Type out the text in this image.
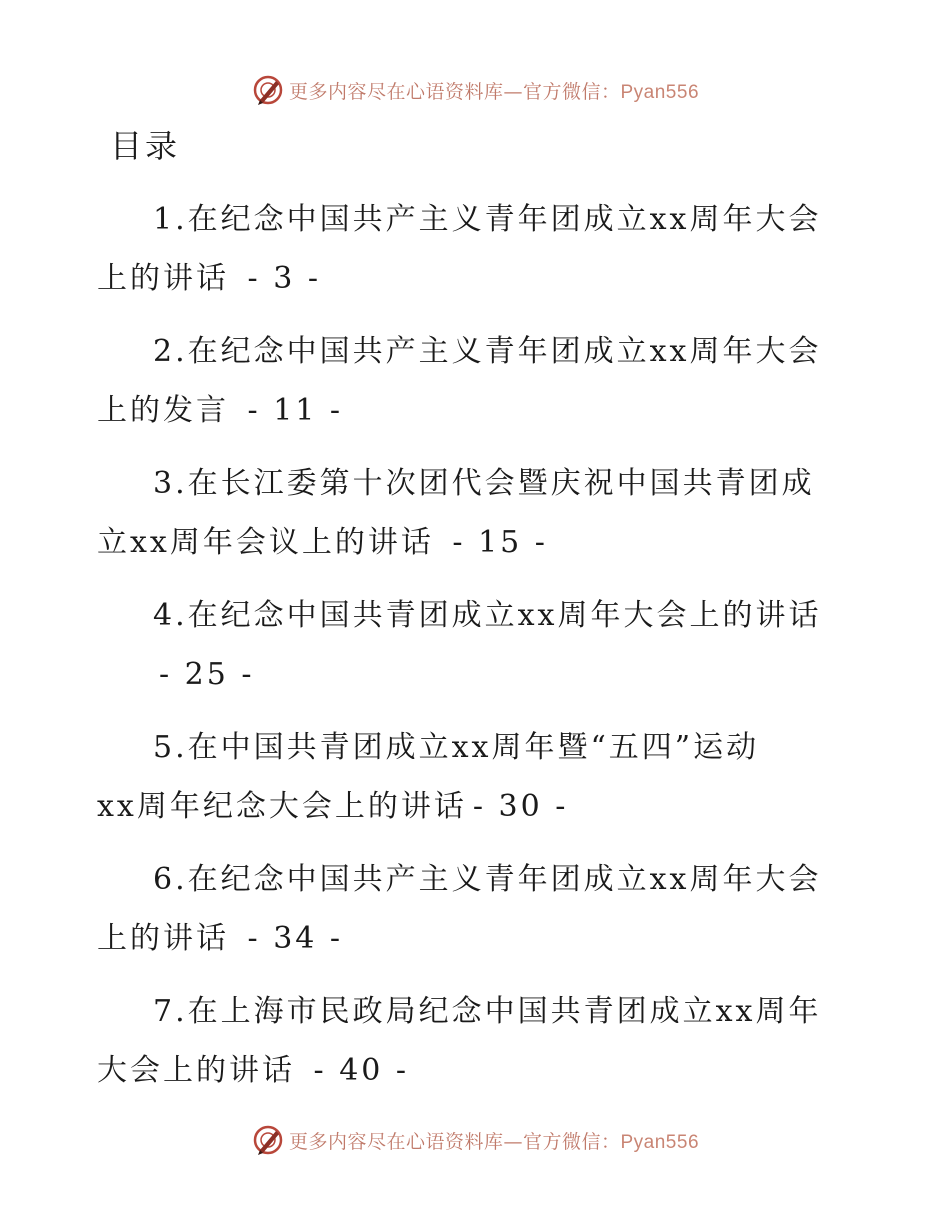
更多内容尽在心语资料库—官方微信：Pyan556
目录
1.在纪念中国共产主义青年团成立xx周年大会
上的讲话 - 3 -
2.在纪念中国共产主义青年团成立xx周年大会
上的发言 - 11 -
3.在长江委第十次团代会暨庆祝中国共青团成
立xx周年会议上的讲话 - 15 -
4.在纪念中国共青团成立xx周年大会上的讲话
- 25 -
5.在中国共青团成立xx周年暨“五四”运动
xx周年纪念大会上的讲话 - 30 -
6.在纪念中国共产主义青年团成立xx周年大会
上的讲话 - 34 -
7.在上海市民政局纪念中国共青团成立xx周年
大会上的讲话 - 40 -
更多内容尽在心语资料库—官方微信：Pyan556
